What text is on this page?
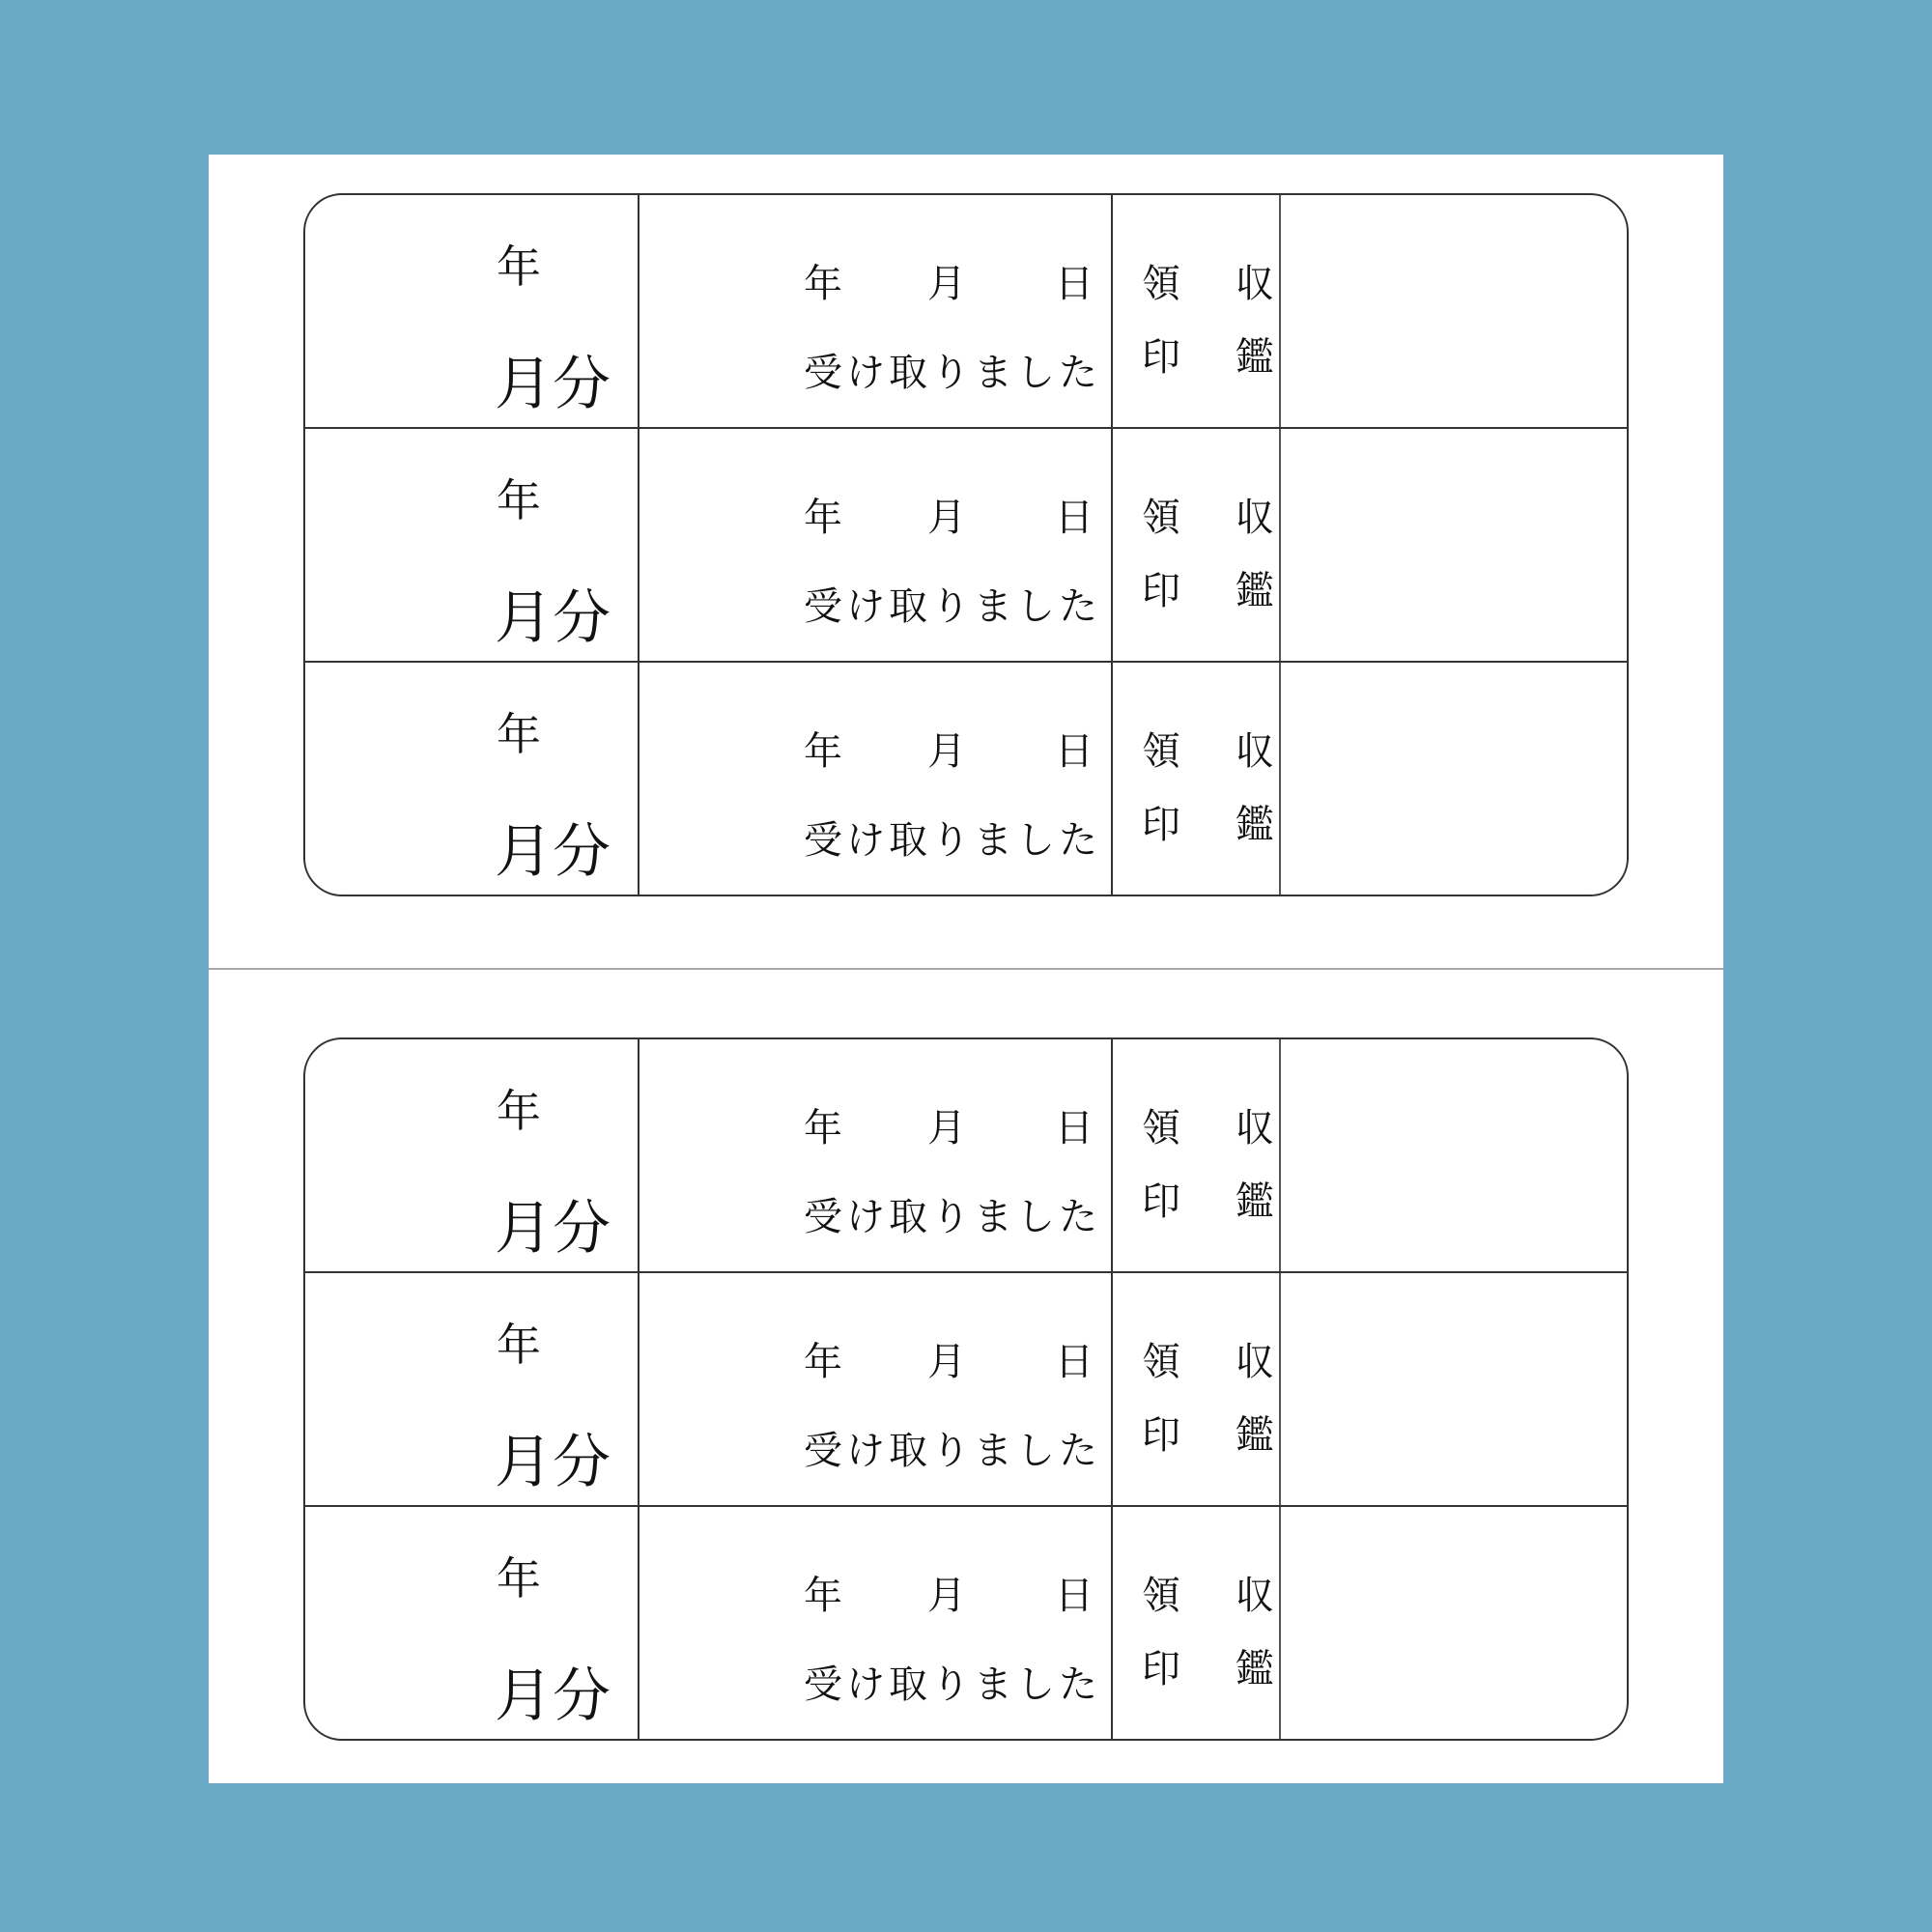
年
月分
年 月 日
受け取りました
領 収
印 鑑
年
月分
年 月 日
受け取りました
領 収
印 鑑
年
月分
年 月 日
受け取りました
領 収
印 鑑
年
月分
年 月 日
受け取りました
領 収
印 鑑
年
月分
年 月 日
受け取りました
領 収
印 鑑
年
月分
年 月 日
受け取りました
領 収
印 鑑
